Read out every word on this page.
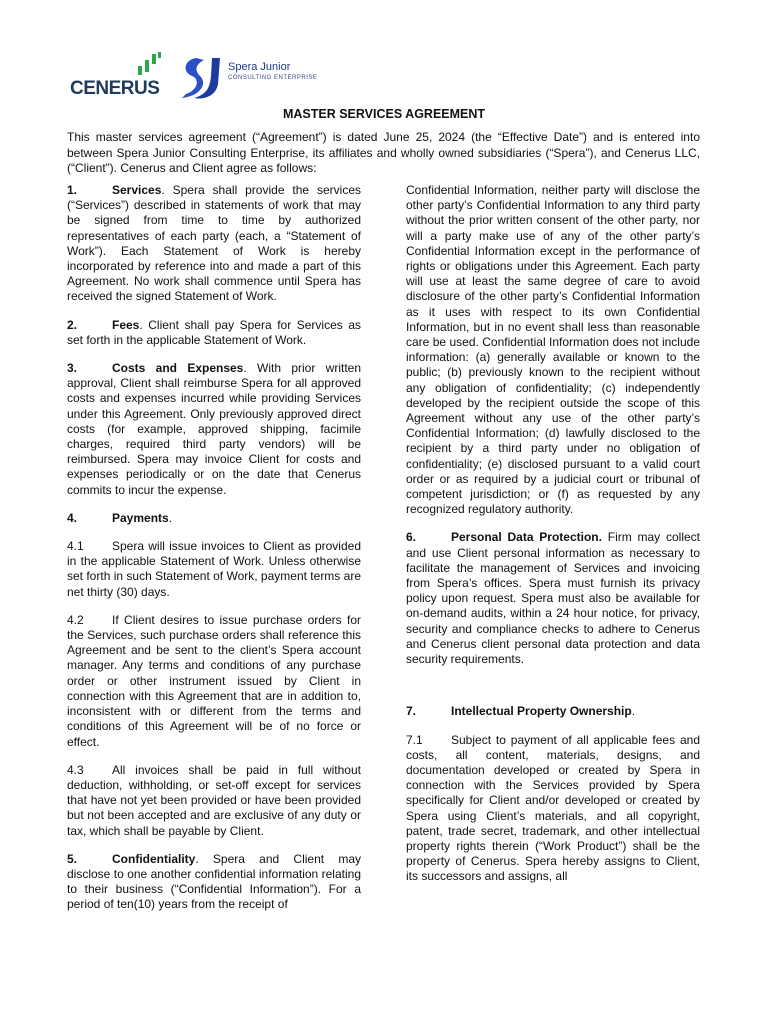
CENERUS
Spera Junior
CONSULTING ENTERPRISE
MASTER SERVICES AGREEMENT
This master services agreement (“Agreement”) is dated June 25, 2024 (the “Effective Date”) and is entered into between Spera Junior Consulting Enterprise, its affiliates and wholly owned subsidiaries (“Spera”), and Cenerus LLC, (“Client”). Cenerus and Client agree as follows:

1.	Services. Spera shall provide the services (“Services”) described in statements of work that may be signed from time to time by authorized representatives of each party (each, a “Statement of Work”). Each Statement of Work is hereby incorporated by reference into and made a part of this Agreement. No work shall commence until Spera has received the signed Statement of Work.

2.	Fees. Client shall pay Spera for Services as set forth in the applicable Statement of Work.

3.	Costs and Expenses. With prior written approval, Client shall reimburse Spera for all approved costs and expenses incurred while providing Services under this Agreement. Only previously approved direct costs (for example, approved shipping, facimile charges, required third party vendors) will be reimbursed. Spera may invoice Client for costs and expenses periodically or on the date that Cenerus commits to incur the expense.

4.	Payments.

4.1 Spera will issue invoices to Client as provided in the applicable Statement of Work. Unless otherwise set forth in such Statement of Work, payment terms are net thirty (30) days.

4.2 If Client desires to issue purchase orders for the Services, such purchase orders shall reference this Agreement and be sent to the client’s Spera account manager. Any terms and conditions of any purchase order or other instrument issued by Client in connection with this Agreement that are in addition to, inconsistent with or different from the terms and conditions of this Agreement will be of no force or effect.

4.3 All invoices shall be paid in full without deduction, withholding, or set-off except for services that have not yet been provided or have been provided but not been accepted and are exclusive of any duty or tax, which shall be payable by Client.

5.	Confidentiality. Spera and Client may disclose to one another confidential information relating to their business (“Confidential Information”). For a period of ten(10) years from the receipt of

Confidential Information, neither party will disclose the other party’s Confidential Information to any third party without the prior written consent of the other party, nor will a party make use of any of the other party’s Confidential Information except in the performance of rights or obligations under this Agreement. Each party will use at least the same degree of care to avoid disclosure of the other party’s Confidential Information as it uses with respect to its own Confidential Information, but in no event shall less than reasonable care be used. Confidential Information does not include information: (a) generally available or known to the public; (b) previously known to the recipient without any obligation of confidentiality; (c) independently developed by the recipient outside the scope of this Agreement without any use of the other party’s Confidential Information; (d) lawfully disclosed to the recipient by a third party under no obligation of confidentiality; (e) disclosed pursuant to a valid court order or as required by a judicial court or tribunal of competent jurisdiction; or (f) as requested by any recognized regulatory authority.

6.	Personal Data Protection. Firm may collect and use Client personal information as necessary to facilitate the management of Services and invoicing from Spera’s offices. Spera must furnish its privacy policy upon request. Spera must also be available for on-demand audits, within a 24 hour notice, for privacy, security and compliance checks to adhere to Cenerus and Cenerus client personal data protection and data security requirements.

7.	Intellectual Property Ownership.

7.1 Subject to payment of all applicable fees and costs, all content, materials, designs, and documentation developed or created by Spera in connection with the Services provided by Spera specifically for Client and/or developed or created by Spera using Client’s materials, and all copyright, patent, trade secret, trademark, and other intellectual property rights therein (“Work Product”) shall be the property of Cenerus. Spera hereby assigns to Client, its successors and assigns, all
